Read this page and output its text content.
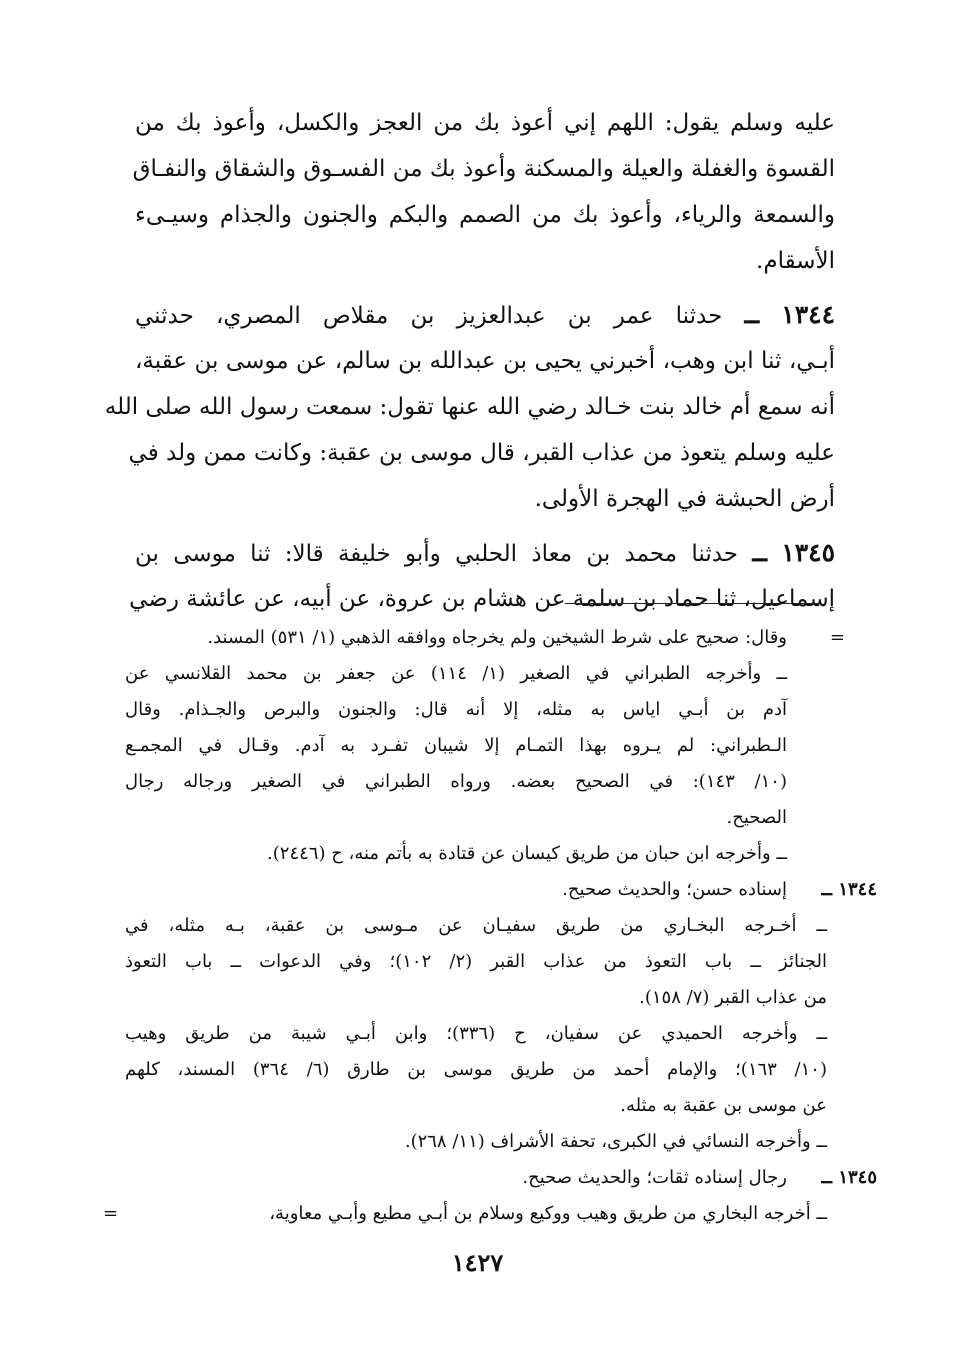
عليه وسلم يقول: اللهم إني أعوذ بك من العجز والكسل، وأعوذ بك من
القسوة والغفلة والعيلة والمسكنة وأعوذ بك من الفسـوق والشقاق والنفـاق
والسمعة والرياء، وأعوذ بك من الصمم والبكم والجنون والجذام وسيـىء
الأسقام.
١٣٤٤ ــ حدثنا عمر بن عبدالعزيز بن مقلاص المصري، حدثني
أبـي، ثنا ابن وهب، أخبرني يحيى بن عبدالله بن سالم، عن موسى بن عقبة،
أنه سمع أم خالد بنت خـالد رضي الله عنها تقول: سمعت رسول الله صلى الله
عليه وسلم يتعوذ من عذاب القبر، قال موسى بن عقبة: وكانت ممن ولد في
أرض الحبشة في الهجرة الأولى.
١٣٤٥ ــ حدثنا محمد بن معاذ الحلبي وأبو خليفة قالا: ثنا موسى بن
إسماعيل، ثنا حماد بن سلمة عن هشام بن عروة، عن أبيه، عن عائشة رضي
=
وقال: صحيح على شرط الشيخين ولم يخرجاه ووافقه الذهبي (١/ ٥٣١) المسند.
ــ وأخرجه الطبراني في الصغير (١/ ١١٤) عن جعفر بن محمد القلانسي عن
آدم بن أبـي اياس به مثله، إلا أنه قال: والجنون والبرص والجـذام. وقال
الـطبراني: لم يـروه بهذا التمـام إلا شيبان تفـرد به آدم. وقـال في المجمـع
(١٠/ ١٤٣): في الصحيح بعضه. ورواه الطبراني في الصغير ورجاله رجال
الصحيح.
ــ وأخرجه ابن حبان من طريق كيسان عن قتادة به بأتم منه، ح (٢٤٤٦).
١٣٤٤ ــ
إسناده حسن؛ والحديث صحيح.
ــ أخـرجه البخـاري من طريق سفيـان عن مـوسى بن عقبة، بـه مثله، في
الجنائز ــ باب التعوذ من عذاب القبر (٢/ ١٠٢)؛ وفي الدعوات ــ باب التعوذ
من عذاب القبر (٧/ ١٥٨).
ــ وأخرجه الحميدي عن سفيان، ح (٣٣٦)؛ وابن أبـي شيبة من طريق وهيب
(١٠/ ١٦٣)؛ والإمام أحمد من طريق موسى بن طارق (٦/ ٣٦٤) المسند، كلهم
عن موسى بن عقبة به مثله.
ــ وأخرجه النسائي في الكبرى، تحفة الأشراف (١١/ ٢٦٨).
١٣٤٥ ــ
رجال إسناده ثقات؛ والحديث صحيح.
ــ أخرجه البخاري من طريق وهيب ووكيع وسلام بن أبـي مطيع وأبـي معاوية،
=
١٤٢٧
